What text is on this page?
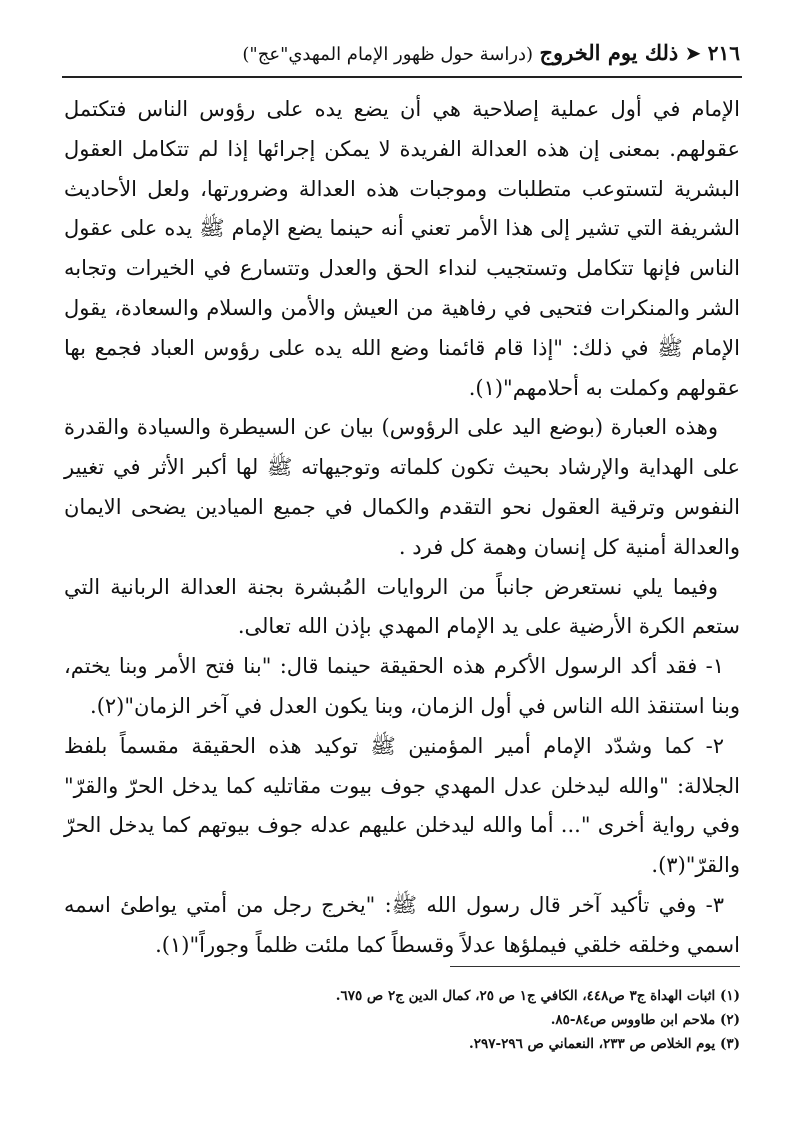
٢١٦ ➤ ذلك يوم الخروج (دراسة حول ظهور الإمام المهدي"عج")

الإمام في أول عملية إصلاحية هي أن يضع يده على رؤوس الناس فتكتمل عقولهم. بمعنى إن هذه العدالة الفريدة لا يمكن إجرائها إذا لم تتكامل العقول البشرية لتستوعب متطلبات وموجبات هذه العدالة وضرورتها، ولعل الأحاديث الشريفة التي تشير إلى هذا الأمر تعني أنه حينما يضع الإمام ﷺ يده على عقول الناس فإنها تتكامل وتستجيب لنداء الحق والعدل وتتسارع في الخيرات وتجابه الشر والمنكرات فتحيى في رفاهية من العيش والأمن والسلام والسعادة، يقول الإمام ﷺ في ذلك: "إذا قام قائمنا وضع الله يده على رؤوس العباد فجمع بها عقولهم وكملت به أحلامهم"(١).

وهذه العبارة (بوضع اليد على الرؤوس) بيان عن السيطرة والسيادة والقدرة على الهداية والإرشاد بحيث تكون كلماته وتوجيهاته ﷺ لها أكبر الأثر في تغيير النفوس وترقية العقول نحو التقدم والكمال في جميع الميادين يضحى الايمان والعدالة أمنية كل إنسان وهمة كل فرد .

وفيما يلي نستعرض جانباً من الروايات المُبشرة بجنة العدالة الربانية التي ستعم الكرة الأرضية على يد الإمام المهدي بإذن الله تعالى.

١- فقد أكد الرسول الأكرم هذه الحقيقة حينما قال: "بنا فتح الأمر وبنا يختم، وبنا استنقذ الله الناس في أول الزمان، وبنا يكون العدل في آخر الزمان"(٢).

٢- كما وشدّد الإمام أمير المؤمنين ﷺ توكيد هذه الحقيقة مقسماً بلفظ الجلالة: "والله ليدخلن عدل المهدي جوف بيوت مقاتليه كما يدخل الحرّ والقرّ" وفي رواية أخرى "... أما والله ليدخلن عليهم عدله جوف بيوتهم كما يدخل الحرّ والقرّ"(٣).

٣- وفي تأكيد آخر قال رسول الله ﷺ: "يخرج رجل من أمتي يواطئ اسمه اسمي وخلقه خلقي فيملؤها عدلاً وقسطاً كما ملئت ظلماً وجوراً"(١).

(١) اثبات الهداة ج٣ ص٤٤٨، الكافي ج١ ص ٢٥، كمال الدين ج٢ ص ٦٧٥.
(٢) ملاحم ابن طاووس ص٨٤-٨٥.
(٣) يوم الخلاص ص ٢٣٣، النعماني ص ٢٩٦-٢٩٧.
